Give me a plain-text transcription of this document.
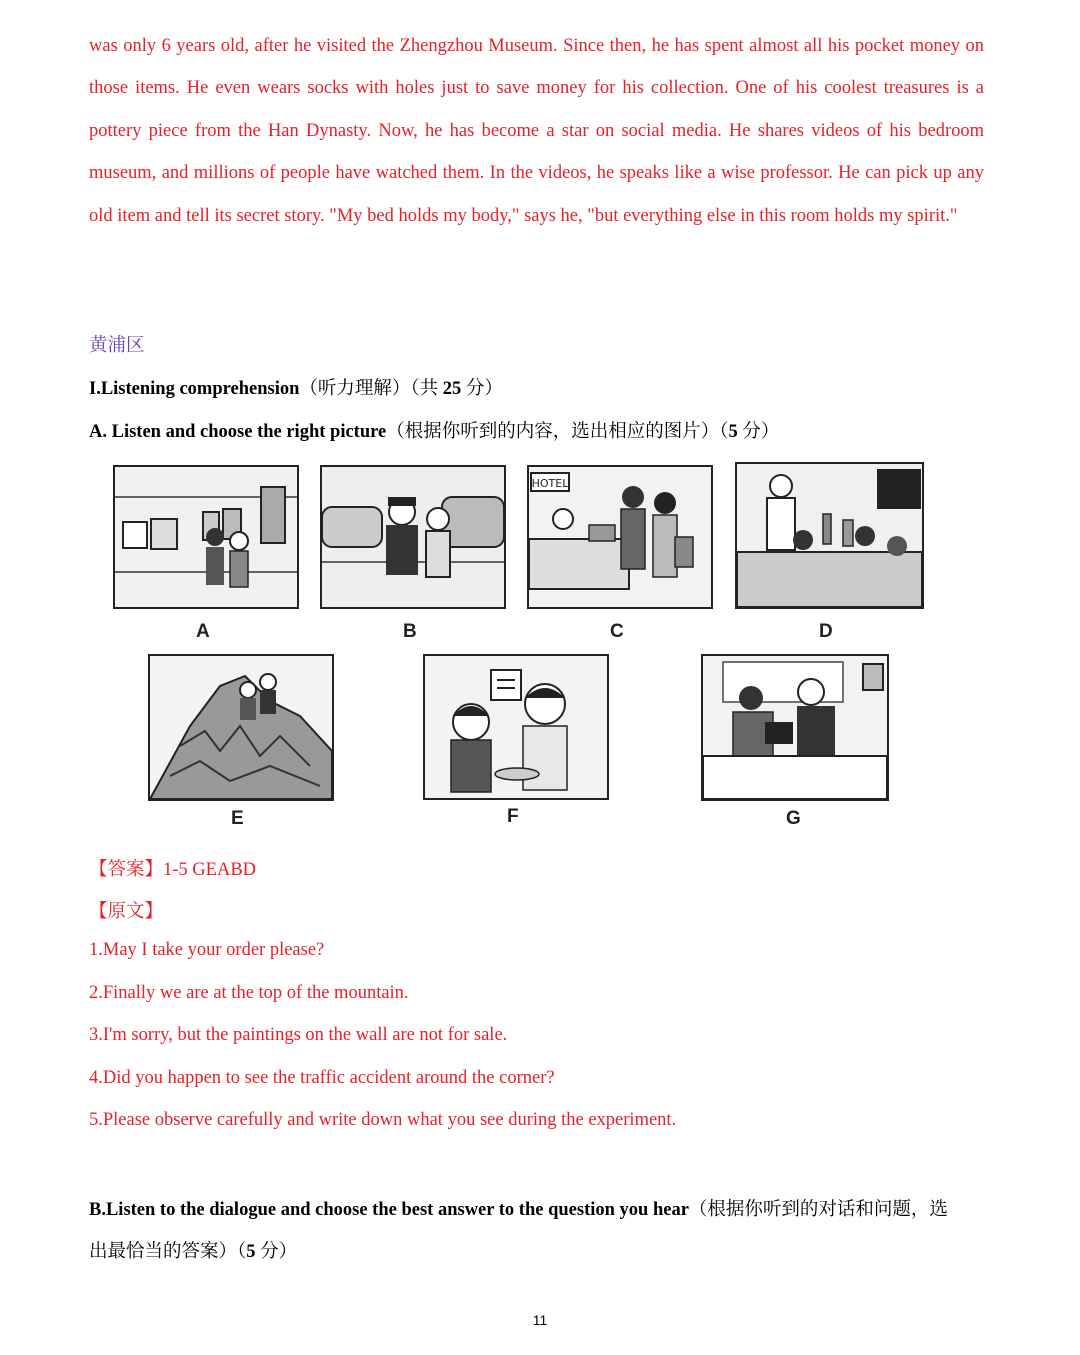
was only 6 years old, after he visited the Zhengzhou Museum. Since then, he has spent almost all his pocket money on those items. He even wears socks with holes just to save money for his collection. One of his coolest treasures is a pottery piece from the Han Dynasty. Now, he has become a star on social media. He shares videos of his bedroom museum, and millions of people have watched them. In the videos, he speaks like a wise professor. He can pick up any old item and tell its secret story. "My bed holds my body," says he, "but everything else in this room holds my spirit."

黄浦区

I.Listening comprehension（听力理解）（共 25 分）

A. Listen and choose the right picture（根据你听到的内容，选出相应的图片）（5 分）

A	B
HOTEL
C	D
E	F	G

【答案】1-5 GEABD

【原文】

1.May I take your order please?

2.Finally we are at the top of the mountain.

3.I'm sorry, but the paintings on the wall are not for sale.

4.Did you happen to see the traffic accident around the corner?

5.Please observe carefully and write down what you see during the experiment.

B.Listen to the dialogue and choose the best answer to the question you hear（根据你听到的对话和问题，选

出最恰当的答案）（5 分）

11
